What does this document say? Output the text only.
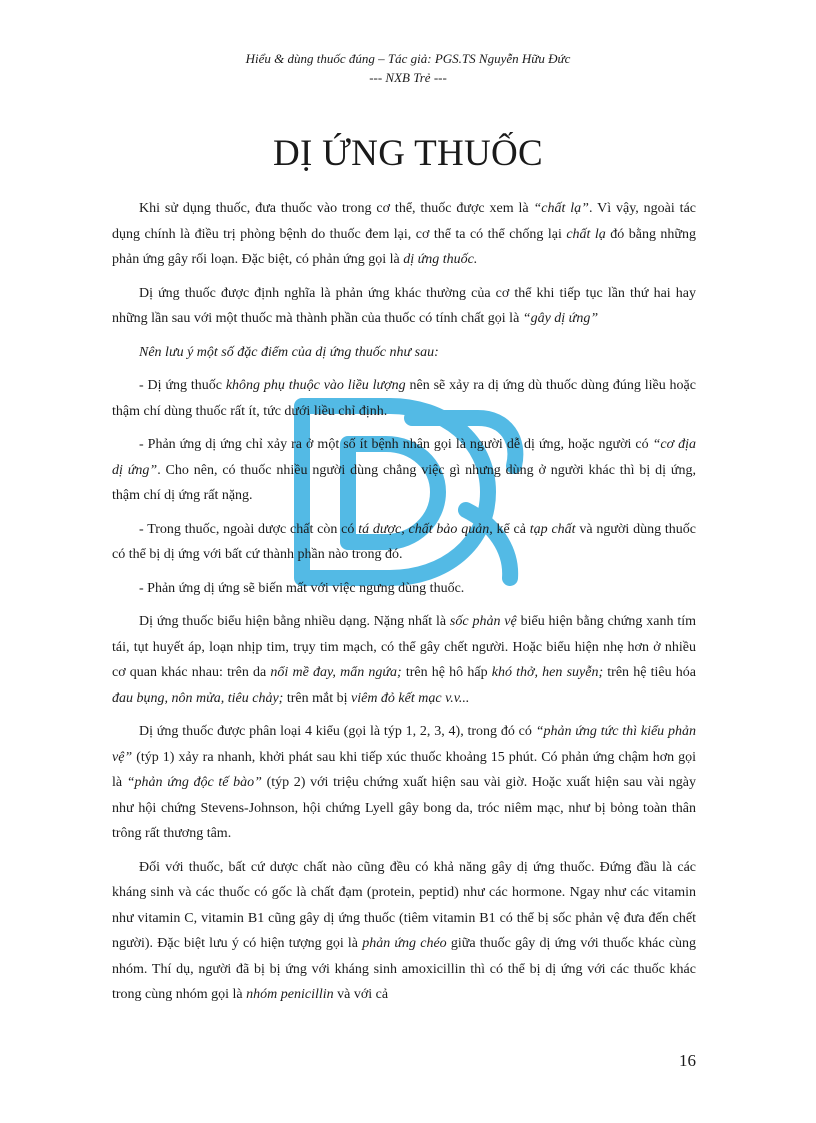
Hiểu & dùng thuốc đúng – Tác giả: PGS.TS Nguyễn Hữu Đức
--- NXB Trẻ ---
DỊ ỨNG THUỐC

Khi sử dụng thuốc, đưa thuốc vào trong cơ thể, thuốc được xem là “chất lạ”. Vì vậy, ngoài tác dụng chính là điều trị phòng bệnh do thuốc đem lại, cơ thể ta có thể chống lại chất lạ đó bằng những phản ứng gây rối loạn. Đặc biệt, có phản ứng gọi là dị ứng thuốc.

Dị ứng thuốc được định nghĩa là phản ứng khác thường của cơ thể khi tiếp tục lần thứ hai hay những lần sau với một thuốc mà thành phần của thuốc có tính chất gọi là “gây dị ứng”

Nên lưu ý một số đặc điểm của dị ứng thuốc như sau:

- Dị ứng thuốc không phụ thuộc vào liều lượng nên sẽ xảy ra dị ứng dù thuốc dùng đúng liều hoặc thậm chí dùng thuốc rất ít, tức dưới liều chỉ định.

- Phản ứng dị ứng chỉ xảy ra ở một số ít bệnh nhân gọi là người dễ dị ứng, hoặc người có “cơ địa dị ứng”. Cho nên, có thuốc nhiều người dùng chẳng việc gì nhưng dùng ở người khác thì bị dị ứng, thậm chí dị ứng rất nặng.

- Trong thuốc, ngoài dược chất còn có tá dược, chất bảo quản, kể cả tạp chất và người dùng thuốc có thể bị dị ứng với bất cứ thành phần nào trong đó.

- Phản ứng dị ứng sẽ biến mất với việc ngưng dùng thuốc.

Dị ứng thuốc biểu hiện bằng nhiều dạng. Nặng nhất là sốc phản vệ biểu hiện bằng chứng xanh tím tái, tụt huyết áp, loạn nhịp tim, trụy tim mạch, có thể gây chết người. Hoặc biểu hiện nhẹ hơn ở nhiều cơ quan khác nhau: trên da nổi mề đay, mẩn ngứa; trên hệ hô hấp khó thở, hen suyễn; trên hệ tiêu hóa đau bụng, nôn mửa, tiêu chảy; trên mắt bị viêm đỏ kết mạc v.v...

Dị ứng thuốc được phân loại 4 kiểu (gọi là týp 1, 2, 3, 4), trong đó có “phản ứng tức thì kiểu phản vệ” (týp 1) xảy ra nhanh, khởi phát sau khi tiếp xúc thuốc khoảng 15 phút. Có phản ứng chậm hơn gọi là “phản ứng độc tế bào” (týp 2) với triệu chứng xuất hiện sau vài giờ. Hoặc xuất hiện sau vài ngày như hội chứng Stevens-Johnson, hội chứng Lyell gây bong da, tróc niêm mạc, như bị bỏng toàn thân trông rất thương tâm.

Đối với thuốc, bất cứ dược chất nào cũng đều có khả năng gây dị ứng thuốc. Đứng đầu là các kháng sinh và các thuốc có gốc là chất đạm (protein, peptid) như các hormone. Ngay như các vitamin như vitamin C, vitamin B1 cũng gây dị ứng thuốc (tiêm vitamin B1 có thể bị sốc phản vệ đưa đến chết người). Đặc biệt lưu ý có hiện tượng gọi là phản ứng chéo giữa thuốc gây dị ứng với thuốc khác cùng nhóm. Thí dụ, người đã bị bị ứng với kháng sinh amoxicillin thì có thể bị dị ứng với các thuốc khác trong cùng nhóm gọi là nhóm penicillin và với cả

16
